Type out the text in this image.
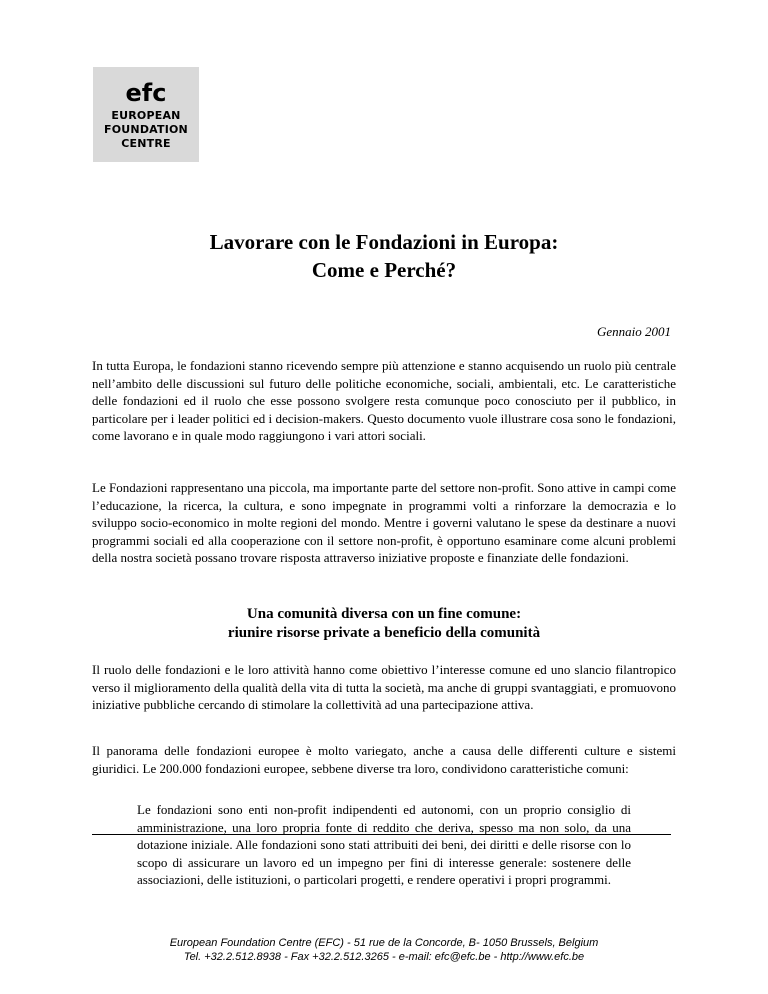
efc
EUROPEAN
FOUNDATION
CENTRE
Lavorare con le Fondazioni in Europa:
Come e Perché?
Gennaio 2001

In tutta Europa, le fondazioni stanno ricevendo sempre più attenzione e stanno acquisendo un ruolo più centrale nell’ambito delle discussioni sul futuro delle politiche economiche, sociali, ambientali, etc. Le caratteristiche delle fondazioni ed il ruolo che esse possono svolgere resta comunque poco conosciuto per il pubblico, in particolare per i leader politici ed i decision-makers. Questo documento vuole illustrare cosa sono le fondazioni, come lavorano e in quale modo raggiungono i vari attori sociali.

Le Fondazioni rappresentano una piccola, ma importante parte del settore non-profit. Sono attive in campi come l’educazione, la ricerca, la cultura, e sono impegnate in programmi volti a rinforzare la democrazia e lo sviluppo socio-economico in molte regioni del mondo. Mentre i governi valutano le spese da destinare a nuovi programmi sociali ed alla cooperazione con il settore non-profit, è opportuno esaminare come alcuni problemi della nostra società possano trovare risposta attraverso iniziative proposte e finanziate delle fondazioni.

Una comunità diversa con un fine comune:
riunire risorse private a beneficio della comunità

Il ruolo delle fondazioni e le loro attività hanno come obiettivo l’interesse comune ed uno slancio filantropico verso il miglioramento della qualità della vita di tutta la società, ma anche di gruppi svantaggiati, e promuovono iniziative pubbliche cercando di stimolare la collettività ad una partecipazione attiva.

Il panorama delle fondazioni europee è molto variegato, anche a causa delle differenti culture e sistemi giuridici. Le 200.000 fondazioni europee, sebbene diverse tra loro, condividono caratteristiche comuni:

Le fondazioni sono enti non-profit indipendenti ed autonomi, con un proprio consiglio di amministrazione, una loro propria fonte di reddito che deriva, spesso ma non solo, da una dotazione iniziale. Alle fondazioni sono stati attribuiti dei beni, dei diritti e delle risorse con lo scopo di assicurare un lavoro ed un impegno per fini di interesse generale: sostenere delle associazioni, delle istituzioni, o particolari progetti, e rendere operativi i propri programmi.

European Foundation Centre (EFC) - 51 rue de la Concorde, B- 1050 Brussels, Belgium
Tel. +32.2.512.8938 - Fax +32.2.512.3265 - e-mail: efc@efc.be - http://www.efc.be
